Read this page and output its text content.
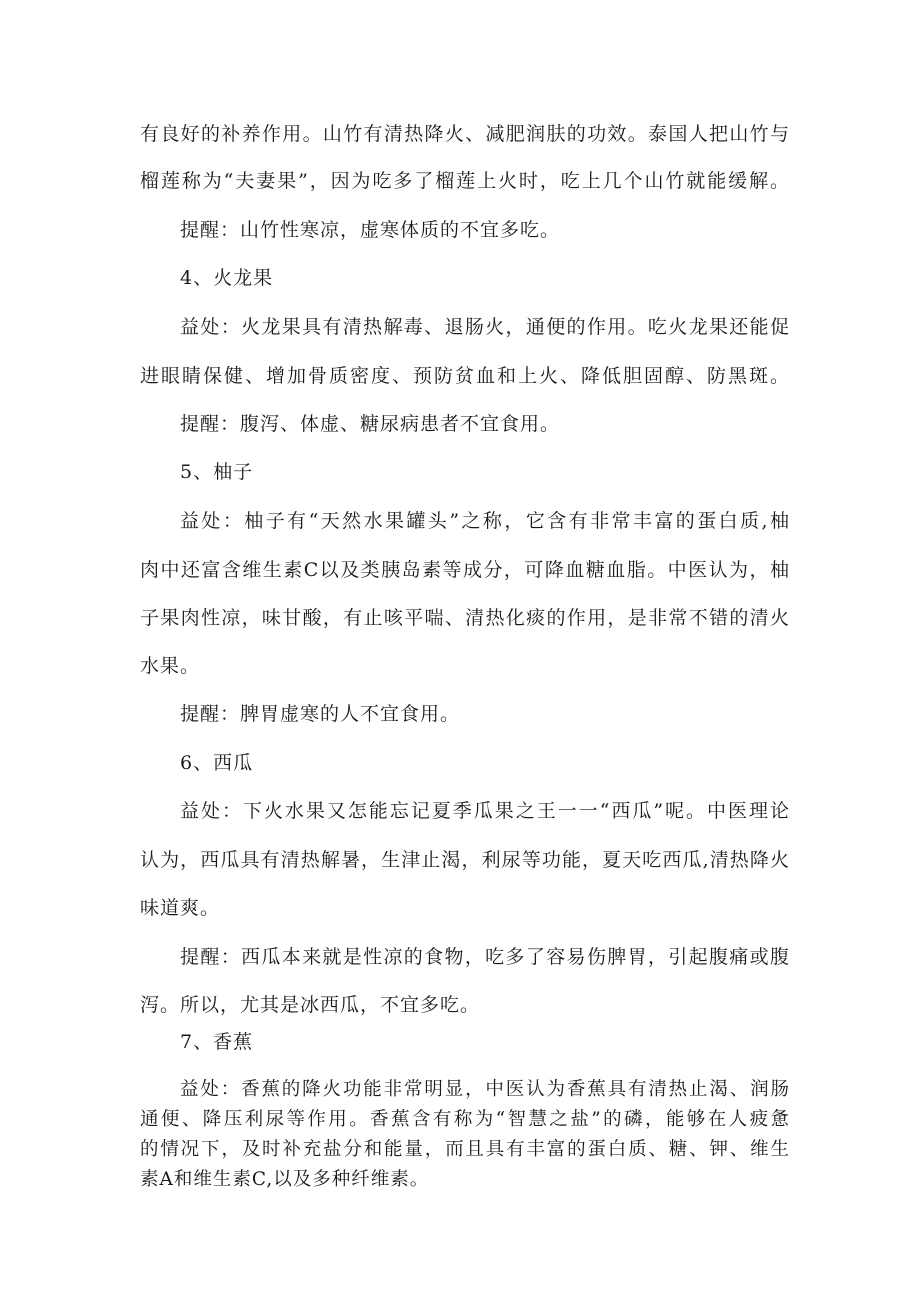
有良好的补养作用。山竹有清热降火、减肥润肤的功效。泰国人把山竹与
榴莲称为“夫妻果”，因为吃多了榴莲上火时，吃上几个山竹就能缓解。
提醒：山竹性寒凉，虚寒体质的不宜多吃。
4、火龙果
益处：火龙果具有清热解毒、退肠火，通便的作用。吃火龙果还能促
进眼睛保健、增加骨质密度、预防贫血和上火、降低胆固醇、防黑斑。
提醒：腹泻、体虚、糖尿病患者不宜食用。
5、柚子
益处：柚子有“天然水果罐头”之称，它含有非常丰富的蛋白质,柚
肉中还富含维生素C以及类胰岛素等成分，可降血糖血脂。中医认为，柚
子果肉性凉，味甘酸，有止咳平喘、清热化痰的作用，是非常不错的清火
水果。
提醒：脾胃虚寒的人不宜食用。
6、西瓜
益处：下火水果又怎能忘记夏季瓜果之王一一“西瓜”呢。中医理论
认为，西瓜具有清热解暑，生津止渴，利尿等功能，夏天吃西瓜,清热降火
味道爽。
提醒：西瓜本来就是性凉的食物，吃多了容易伤脾胃，引起腹痛或腹
泻。所以，尤其是冰西瓜，不宜多吃。
7、香蕉
益处：香蕉的降火功能非常明显，中医认为香蕉具有清热止渴、润肠
通便、降压利尿等作用。香蕉含有称为“智慧之盐”的磷，能够在人疲惫
的情况下，及时补充盐分和能量，而且具有丰富的蛋白质、糖、钾、维生
素A和维生素C,以及多种纤维素。
